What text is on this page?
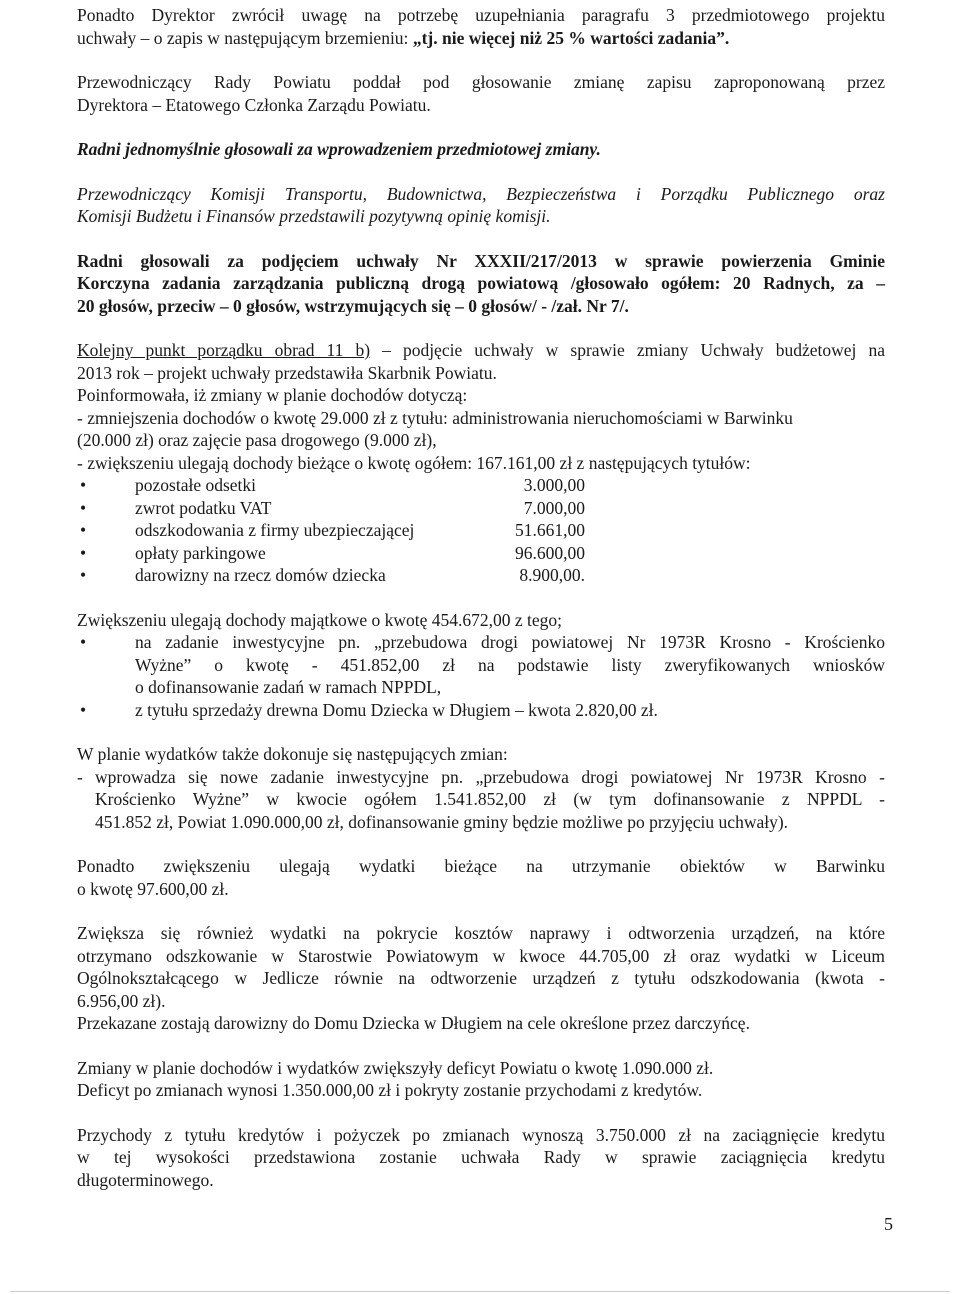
Ponadto Dyrektor zwrócił uwagę na potrzebę uzupełniania paragrafu 3 przedmiotowego projektu

uchwały – o zapis w następującym brzemieniu: „tj. nie więcej niż 25 % wartości zadania”.

Przewodniczący Rady Powiatu poddał pod głosowanie zmianę zapisu zaproponowaną przez

Dyrektora – Etatowego Członka Zarządu Powiatu.

Radni jednomyślnie głosowali za wprowadzeniem przedmiotowej zmiany.

Przewodniczący Komisji Transportu, Budownictwa, Bezpieczeństwa i Porządku Publicznego oraz

Komisji Budżetu i Finansów przedstawili pozytywną opinię komisji.

Radni głosowali za podjęciem uchwały Nr XXXII/217/2013 w sprawie powierzenia Gminie

Korczyna zadania zarządzania publiczną drogą powiatową /głosowało ogółem: 20 Radnych, za –

20 głosów, przeciw – 0 głosów, wstrzymujących się – 0 głosów/ - /zał. Nr 7/.

Kolejny punkt porządku obrad 11 b) – podjęcie uchwały w sprawie zmiany Uchwały budżetowej na

2013 rok – projekt uchwały przedstawiła Skarbnik Powiatu.

Poinformowała, iż zmiany w planie dochodów dotyczą:

- zmniejszenia dochodów o kwotę 29.000 zł z tytułu: administrowania nieruchomościami w Barwinku

(20.000 zł) oraz zajęcie pasa drogowego (9.000 zł),

- zwiększeniu ulegają dochody bieżące o kwotę ogółem: 167.161,00 zł z następujących tytułów:

•	pozostałe odsetki	3.000,00
•	zwrot podatku VAT	7.000,00
•	odszkodowania z firmy ubezpieczającej	51.661,00
•	opłaty parkingowe	96.600,00
•	darowizny na rzecz domów dziecka	8.900,00.

Zwiększeniu ulegają dochody majątkowe o kwotę 454.672,00 z tego;

•	na zadanie inwestycyjne pn. „przebudowa drogi powiatowej Nr 1973R Krosno - Krościenko

Wyżne” o kwotę - 451.852,00 zł na podstawie listy zweryfikowanych wniosków

o dofinansowanie zadań w ramach NPPDL,

•	z tytułu sprzedaży drewna Domu Dziecka w Długiem – kwota 2.820,00 zł.

W planie wydatków także dokonuje się następujących zmian:

- wprowadza się nowe zadanie inwestycyjne pn. „przebudowa drogi powiatowej Nr 1973R Krosno -

Krościenko Wyżne” w kwocie ogółem 1.541.852,00 zł (w tym dofinansowanie z NPPDL -

451.852 zł, Powiat 1.090.000,00 zł, dofinansowanie gminy będzie możliwe po przyjęciu uchwały).

Ponadto zwiększeniu ulegają wydatki bieżące na utrzymanie obiektów w Barwinku

o kwotę 97.600,00 zł.

Zwiększa się również wydatki na pokrycie kosztów naprawy i odtworzenia urządzeń, na które

otrzymano odszkowanie w Starostwie Powiatowym w kwoce 44.705,00 zł oraz wydatki w Liceum

Ogólnokształcącego w Jedlicze równie na odtworzenie urządzeń z tytułu odszkodowania (kwota -

6.956,00 zł).

Przekazane zostają darowizny do Domu Dziecka w Długiem na cele określone przez darczyńcę.

Zmiany w planie dochodów i wydatków zwiększyły deficyt Powiatu o kwotę 1.090.000 zł.

Deficyt po zmianach wynosi 1.350.000,00 zł i pokryty zostanie przychodami z kredytów.

Przychody z tytułu kredytów i pożyczek po zmianach wynoszą 3.750.000 zł na zaciągnięcie kredytu

w tej wysokości przedstawiona zostanie uchwała Rady w sprawie zaciągnięcia kredytu

długoterminowego.

5
